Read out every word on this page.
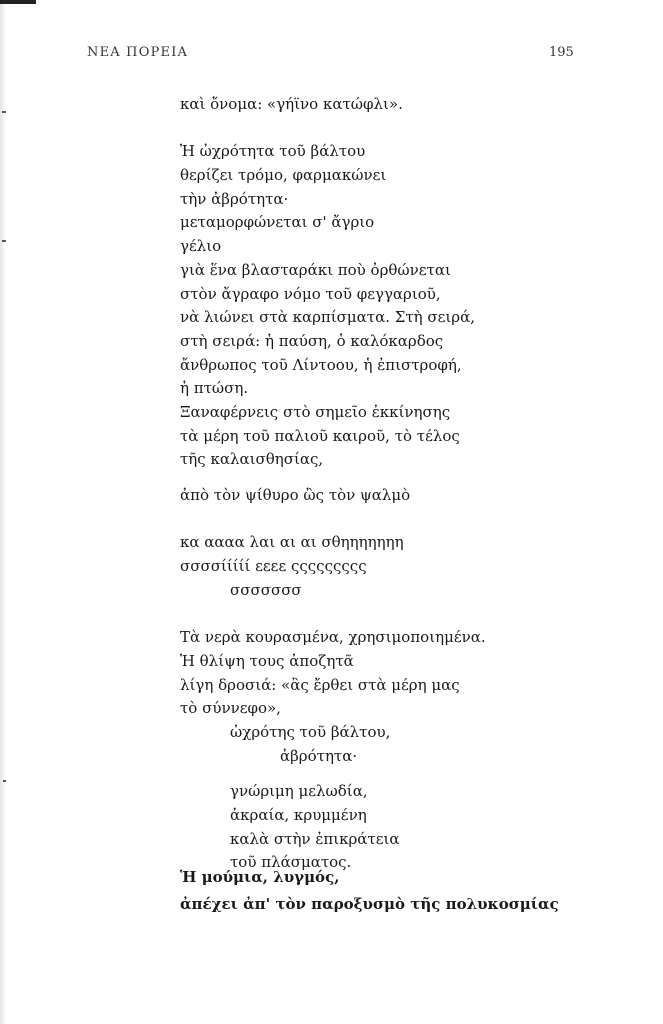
ΝΕΑ ΠΟΡΕΙΑ	195
καὶ ὄνομα: «γήϊνο κατώφλι».
Ἡ ὠχρότητα τοῦ βάλτου
θερίζει τρόμο, φαρμακώνει
τὴν ἀβρότητα·
μεταμορφώνεται σ' ἄγριο
γέλιο
γιὰ ἕνα βλασταράκι ποὺ ὀρθώνεται
στὸν ἄγραφο νόμο τοῦ φεγγαριοῦ,
νὰ λιώνει στὰ καρπίσματα. Στὴ σειρά,
στὴ σειρά: ἡ παύση, ὁ καλόκαρδος
ἄνθρωπος τοῦ Λίντοου, ἡ ἐπιστροφή,
ἡ πτώση.
Ξαναφέρνεις στὸ σημεῖο ἐκκίνησης
τὰ μέρη τοῦ παλιοῦ καιροῦ, τὸ τέλος
τῆς καλαισθησίας,
ἀπὸ τὸν ψίθυρο ὢς τὸν ψαλμὸ
κα αααα λαι αι αι σθηηηηηηη
σσσσίίίίί εεεε ςςςςςςςςς
σσσσσσσ
Τὰ νερὰ κουρασμένα, χρησιμοποιημένα.
Ἡ θλίψη τους ἀποζητᾶ
λίγη δροσιά: «ἂς ἔρθει στὰ μέρη μας
τὸ σύννεφο»,
ὠχρότης τοῦ βάλτου,
ἀβρότητα·
γνώριμη μελωδία,
ἀκραία, κρυμμένη
καλὰ στὴν ἐπικράτεια
τοῦ πλάσματος.
Ἡ μούμια, λυγμός,
ἀπέχει ἀπ' τὸν παροξυσμὸ τῆς πολυκοσμίας
